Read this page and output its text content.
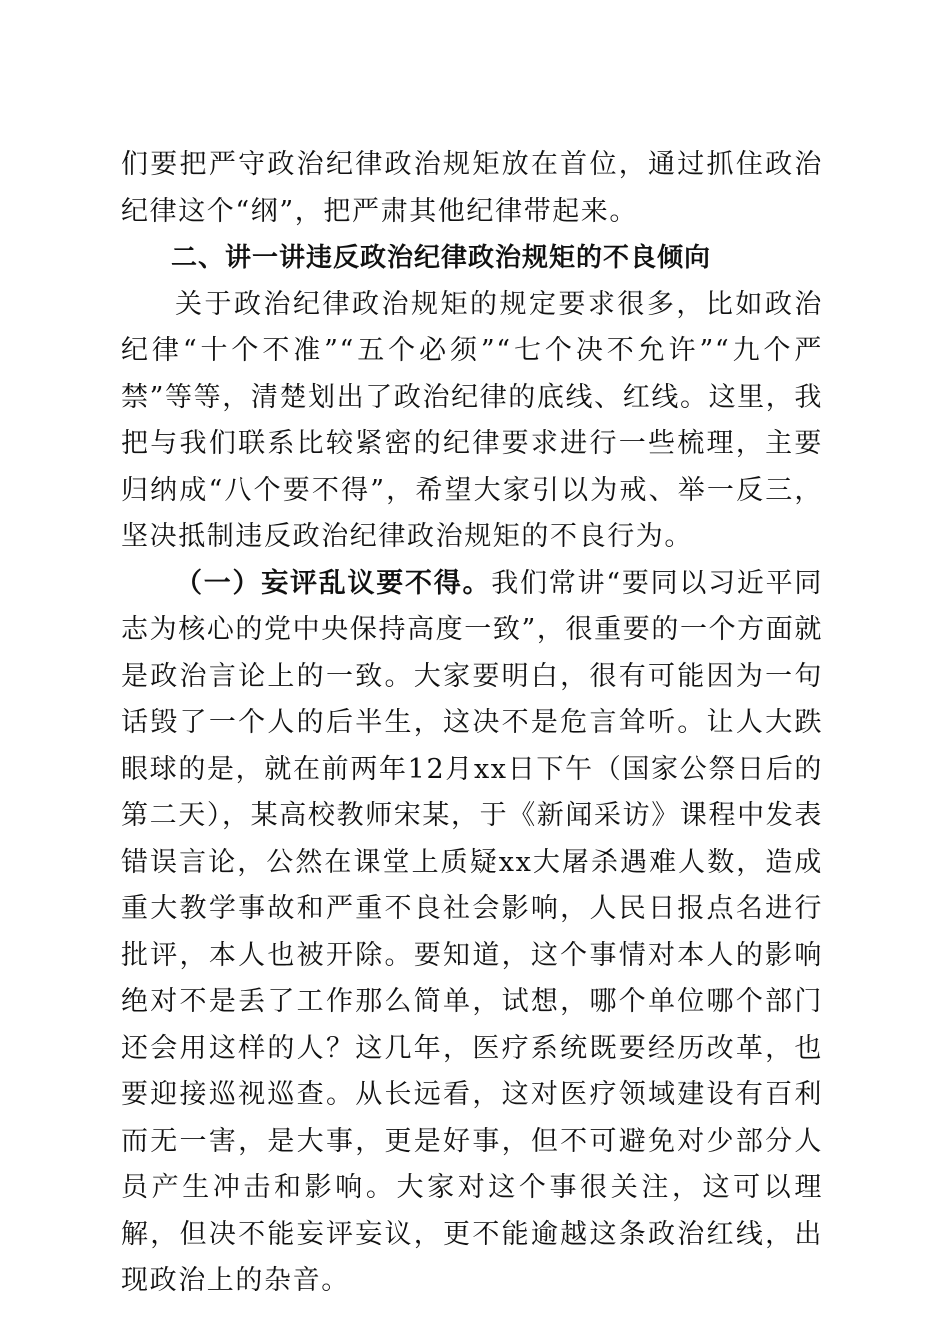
们要把严守政治纪律政治规矩放在首位，通过抓住政治纪律这个“纲”，把严肃其他纪律带起来。

二、讲一讲违反政治纪律政治规矩的不良倾向

关于政治纪律政治规矩的规定要求很多，比如政治纪律“十个不准”“五个必须”“七个决不允许”“九个严禁”等等，清楚划出了政治纪律的底线、红线。这里，我把与我们联系比较紧密的纪律要求进行一些梳理，主要归纳成“八个要不得”，希望大家引以为戒、举一反三，坚决抵制违反政治纪律政治规矩的不良行为。

（一）妄评乱议要不得。我们常讲“要同以习近平同志为核心的党中央保持高度一致”，很重要的一个方面就是政治言论上的一致。大家要明白，很有可能因为一句话毁了一个人的后半生，这决不是危言耸听。让人大跌眼球的是，就在前两年12月xx日下午（国家公祭日后的第二天），某高校教师宋某，于《新闻采访》课程中发表错误言论，公然在课堂上质疑xx大屠杀遇难人数，造成重大教学事故和严重不良社会影响，人民日报点名进行批评，本人也被开除。要知道，这个事情对本人的影响绝对不是丢了工作那么简单，试想，哪个单位哪个部门还会用这样的人？这几年，医疗系统既要经历改革，也要迎接巡视巡查。从长远看，这对医疗领域建设有百利而无一害，是大事，更是好事，但不可避免对少部分人员产生冲击和影响。大家对这个事很关注，这可以理解，但决不能妄评妄议，更不能逾越这条政治红线，出现政治上的杂音。
